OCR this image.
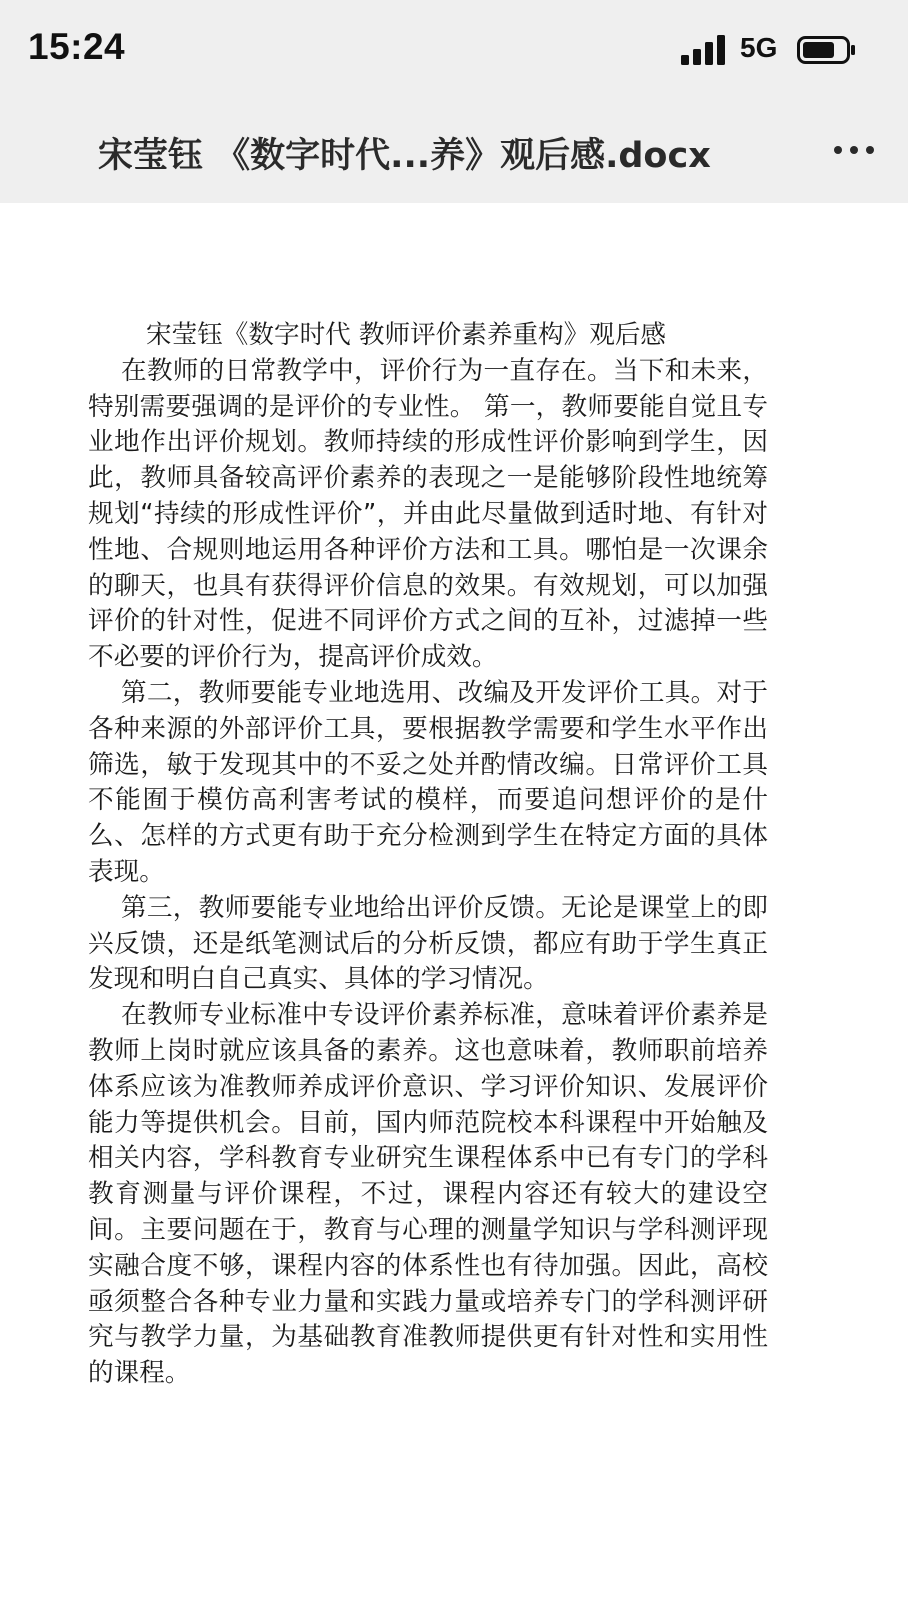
15:24	5G
宋莹钰 《数字时代...养》观后感.docx
宋莹钰《数字时代 教师评价素养重构》观后感

在教师的日常教学中，评价行为一直存在。当下和未来，特别需要强调的是评价的专业性。 第一，教师要能自觉且专业地作出评价规划。教师持续的形成性评价影响到学生，因此，教师具备较高评价素养的表现之一是能够阶段性地统筹规划“持续的形成性评价”，并由此尽量做到适时地、有针对性地、合规则地运用各种评价方法和工具。哪怕是一次课余的聊天，也具有获得评价信息的效果。有效规划，可以加强评价的针对性，促进不同评价方式之间的互补，过滤掉一些不必要的评价行为，提高评价成效。

第二，教师要能专业地选用、改编及开发评价工具。对于各种来源的外部评价工具，要根据教学需要和学生水平作出筛选，敏于发现其中的不妥之处并酌情改编。日常评价工具不能囿于模仿高利害考试的模样，而要追问想评价的是什么、怎样的方式更有助于充分检测到学生在特定方面的具体表现。

第三，教师要能专业地给出评价反馈。无论是课堂上的即兴反馈，还是纸笔测试后的分析反馈，都应有助于学生真正发现和明白自己真实、具体的学习情况。

在教师专业标准中专设评价素养标准，意味着评价素养是教师上岗时就应该具备的素养。这也意味着，教师职前培养体系应该为准教师养成评价意识、学习评价知识、发展评价能力等提供机会。目前，国内师范院校本科课程中开始触及相关内容，学科教育专业研究生课程体系中已有专门的学科教育测量与评价课程，不过，课程内容还有较大的建设空间。主要问题在于，教育与心理的测量学知识与学科测评现实融合度不够，课程内容的体系性也有待加强。因此，高校亟须整合各种专业力量和实践力量或培养专门的学科测评研究与教学力量，为基础教育准教师提供更有针对性和实用性的课程。
